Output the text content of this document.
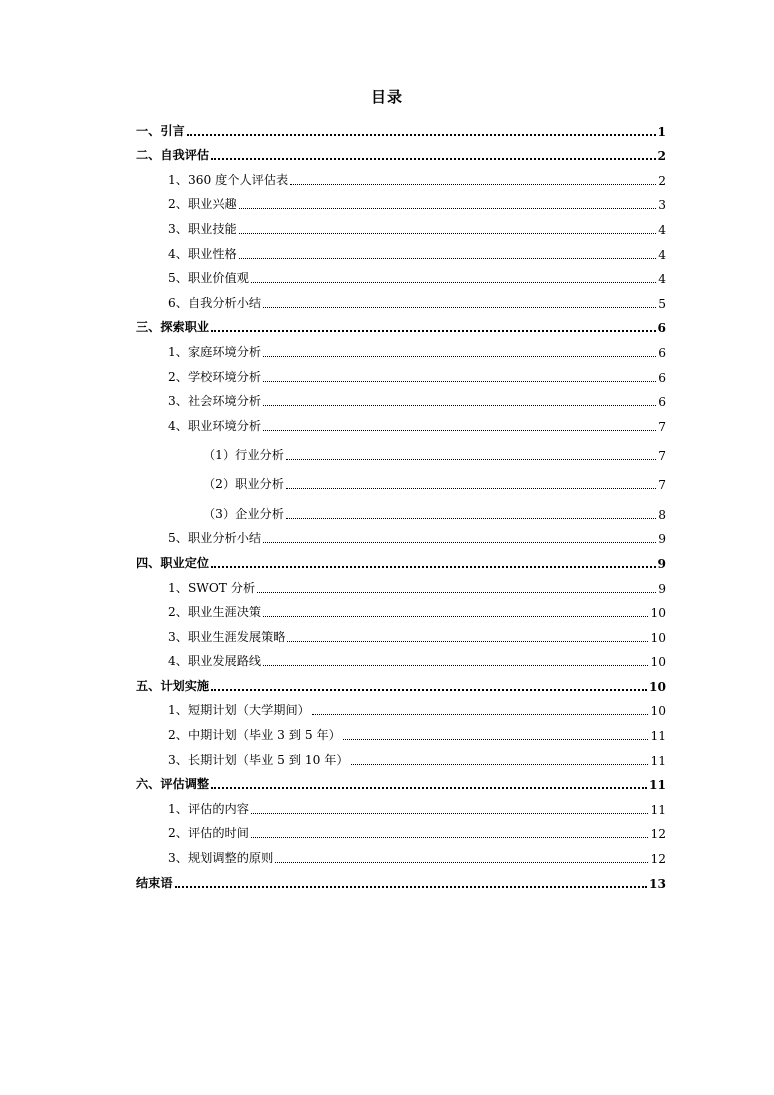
目录
一、引言	1
二、自我评估	2
1、360 度个人评估表	2
2、职业兴趣	3
3、职业技能	4
4、职业性格	4
5、职业价值观	4
6、自我分析小结	5
三、探索职业	6
1、家庭环境分析	6
2、学校环境分析	6
3、社会环境分析	6
4、职业环境分析	7
（1）行业分析	7
（2）职业分析	7
（3）企业分析	8
5、职业分析小结	9
四、职业定位	9
1、SWOT 分析	9
2、职业生涯决策	10
3、职业生涯发展策略	10
4、职业发展路线	10
五、计划实施	10
1、短期计划（大学期间）	10
2、中期计划（毕业 3 到 5 年）	11
3、长期计划（毕业 5 到 10 年）	11
六、评估调整	11
1、评估的内容	11
2、评估的时间	12
3、规划调整的原则	12
结束语	13
